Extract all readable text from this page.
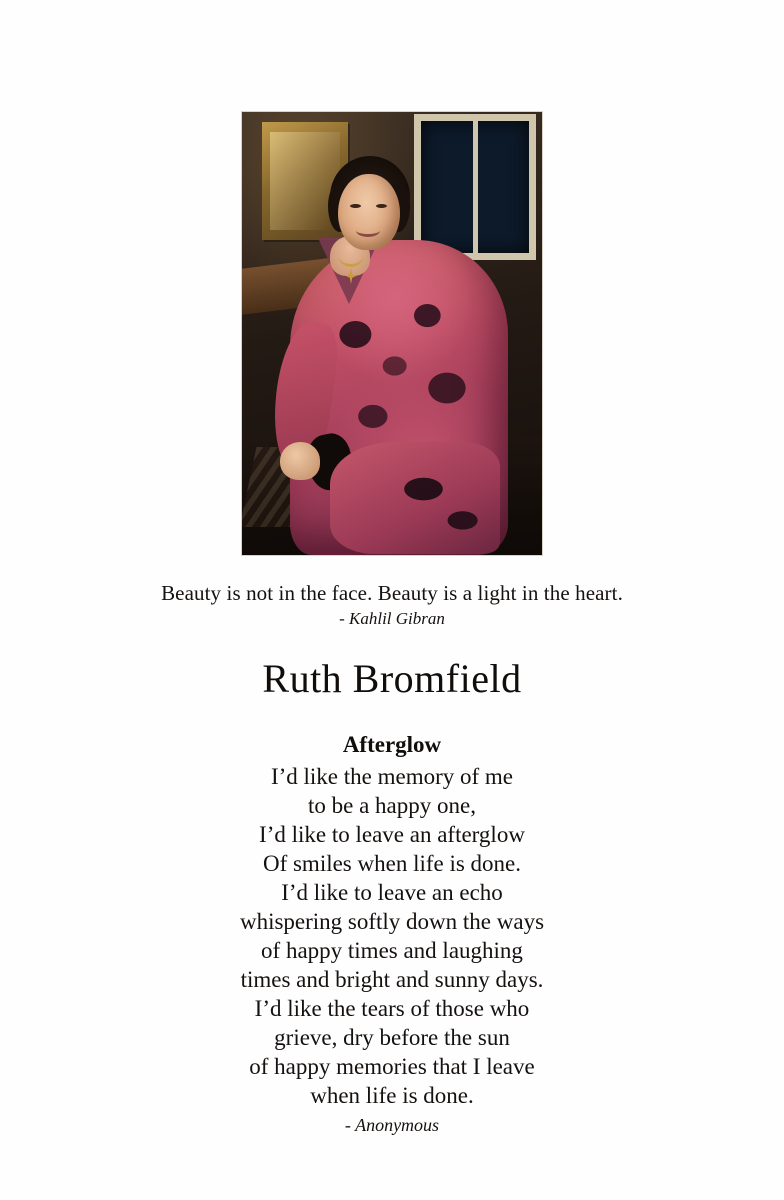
Beauty is not in the face. Beauty is a light in the heart.
- Kahlil Gibran
Ruth Bromfield
Afterglow
I’d like the memory of me
to be a happy one,
I’d like to leave an afterglow
Of smiles when life is done.
I’d like to leave an echo
whispering softly down the ways
of happy times and laughing
times and bright and sunny days.
I’d like the tears of those who
grieve, dry before the sun
of happy memories that I leave
when life is done.
- Anonymous
